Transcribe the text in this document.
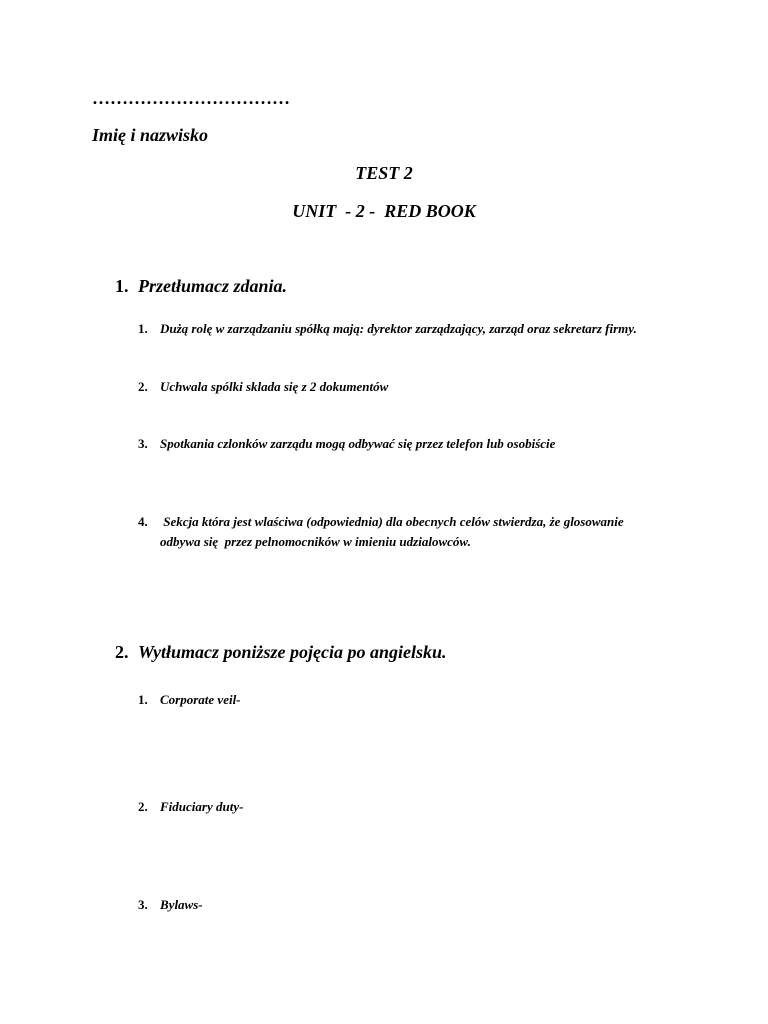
……………………………

Imię i nazwisko

TEST 2

UNIT  - 2 -  RED BOOK

1. Przetłumacz zdania.

1. Dużą rolę w zarządzaniu spółką mają: dyrektor zarządzający, zarząd oraz sekretarz firmy.
2. Uchwala spólki sklada się z 2 dokumentów
3. Spotkania czlonków zarządu mogą odbywać się przez telefon lub osobiście
4. Sekcja która jest wlaściwa (odpowiednia) dla obecnych celów stwierdza, że glosowanie odbywa się  przez pelnomocników w imieniu udzialowców.

2. Wytłumacz poniższe pojęcia po angielsku.

1. Corporate veil-
2. Fiduciary duty-
3. Bylaws-
